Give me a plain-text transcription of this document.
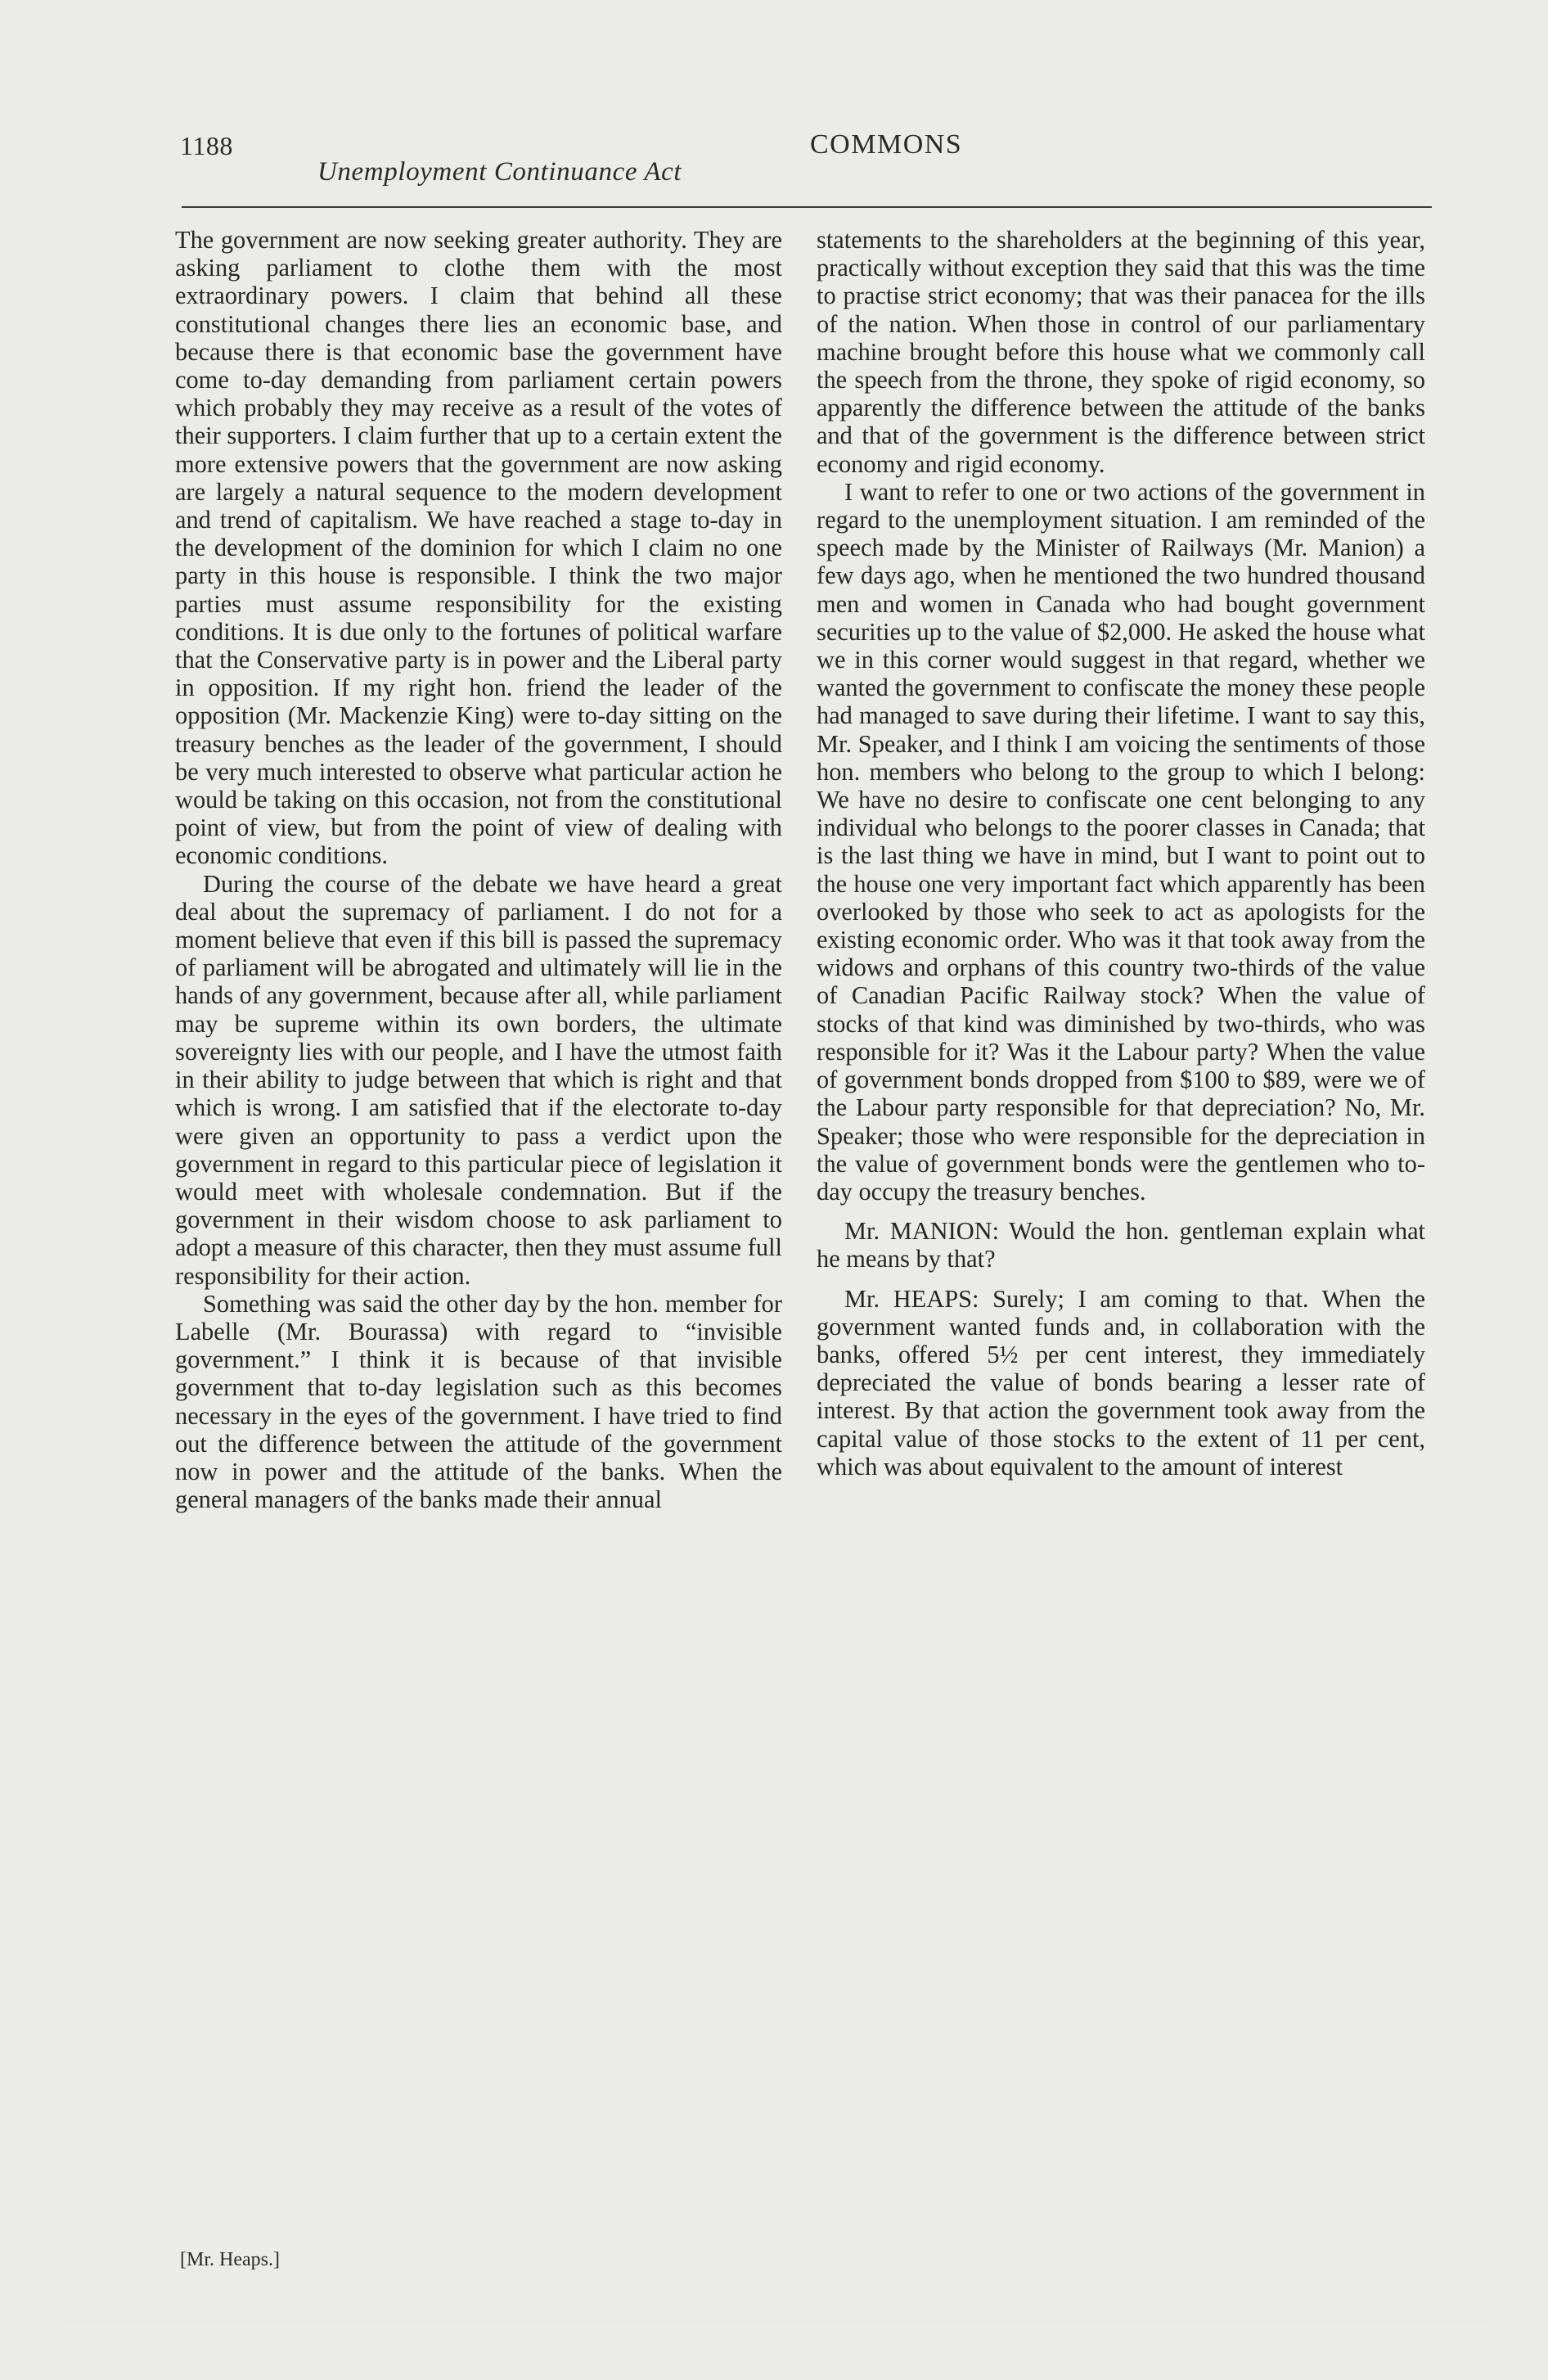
1188	COMMONS
Unemployment Continuance Act

The government are now seeking greater authority. They are asking parliament to clothe them with the most extraordinary powers. I claim that behind all these constitutional changes there lies an economic base, and because there is that economic base the government have come to-day demanding from parliament certain powers which probably they may receive as a result of the votes of their supporters. I claim further that up to a certain extent the more extensive powers that the government are now asking are largely a natural sequence to the modern development and trend of capitalism. We have reached a stage to-day in the development of the dominion for which I claim no one party in this house is responsible. I think the two major parties must assume responsibility for the existing conditions. It is due only to the fortunes of political warfare that the Conservative party is in power and the Liberal party in opposition. If my right hon. friend the leader of the opposition (Mr. Mackenzie King) were to-day sitting on the treasury benches as the leader of the government, I should be very much interested to observe what particular action he would be taking on this occasion, not from the constitutional point of view, but from the point of view of dealing with economic conditions.

During the course of the debate we have heard a great deal about the supremacy of parliament. I do not for a moment believe that even if this bill is passed the supremacy of parliament will be abrogated and ultimately will lie in the hands of any government, because after all, while parliament may be supreme within its own borders, the ultimate sovereignty lies with our people, and I have the utmost faith in their ability to judge between that which is right and that which is wrong. I am satisfied that if the electorate to-day were given an opportunity to pass a verdict upon the government in regard to this particular piece of legislation it would meet with wholesale condemnation. But if the government in their wisdom choose to ask parliament to adopt a measure of this character, then they must assume full responsibility for their action.

Something was said the other day by the hon. member for Labelle (Mr. Bourassa) with regard to “invisible government.” I think it is because of that invisible government that to-day legislation such as this becomes necessary in the eyes of the government. I have tried to find out the difference between the attitude of the government now in power and the attitude of the banks. When the general managers of the banks made their annual

statements to the shareholders at the beginning of this year, practically without exception they said that this was the time to practise strict economy; that was their panacea for the ills of the nation. When those in control of our parliamentary machine brought before this house what we commonly call the speech from the throne, they spoke of rigid economy, so apparently the difference between the attitude of the banks and that of the government is the difference between strict economy and rigid economy.

I want to refer to one or two actions of the government in regard to the unemployment situation. I am reminded of the speech made by the Minister of Railways (Mr. Manion) a few days ago, when he mentioned the two hundred thousand men and women in Canada who had bought government securities up to the value of $2,000. He asked the house what we in this corner would suggest in that regard, whether we wanted the government to confiscate the money these people had managed to save during their lifetime. I want to say this, Mr. Speaker, and I think I am voicing the sentiments of those hon. members who belong to the group to which I belong: We have no desire to confiscate one cent belonging to any individual who belongs to the poorer classes in Canada; that is the last thing we have in mind, but I want to point out to the house one very important fact which apparently has been overlooked by those who seek to act as apologists for the existing economic order. Who was it that took away from the widows and orphans of this country two-thirds of the value of Canadian Pacific Railway stock? When the value of stocks of that kind was diminished by two-thirds, who was responsible for it? Was it the Labour party? When the value of government bonds dropped from $100 to $89, were we of the Labour party responsible for that depreciation? No, Mr. Speaker; those who were responsible for the depreciation in the value of government bonds were the gentlemen who to-day occupy the treasury benches.

Mr. MANION: Would the hon. gentleman explain what he means by that?

Mr. HEAPS: Surely; I am coming to that. When the government wanted funds and, in collaboration with the banks, offered 5½ per cent interest, they immediately depreciated the value of bonds bearing a lesser rate of interest. By that action the government took away from the capital value of those stocks to the extent of 11 per cent, which was about equivalent to the amount of interest

[Mr. Heaps.]
